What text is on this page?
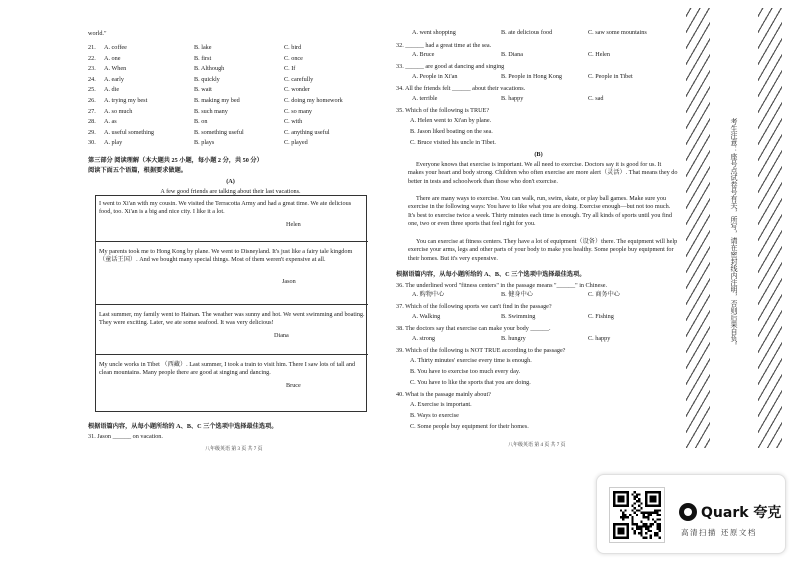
world."
21. A. coffee	B. lake	C. bird
22. A. one	B. first	C. once
23. A. When	B. Although	C. If
24. A. early	B. quickly	C. carefully
25. A. die	B. wait	C. wonder
26. A. trying my best	B. making my bed	C. doing my homework
27. A. so much	B. such many	C. so many
28. A. as	B. on	C. with
29. A. useful something	B. something useful	C. anything useful
30. A. play	B. plays	C. played
第三部分 阅读理解（本大题共 25 小题，每小题 2 分，共 50 分）
阅读下面五个语篇，根据要求做题。
(A)
A few good friends are talking about their last vacations.
I went to Xi'an with my cousin. We visited the Terracotta Army and had a great time. We ate delicious food, too. Xi'an is a big and nice city. I like it a lot.
Helen
My parents took me to Hong Kong by plane. We went to Disneyland. It's just like a fairy tale kingdom （童话王国）. And we bought many special things. Most of them weren't expensive at all.
Jason
Last summer, my family went to Hainan. The weather was sunny and hot. We went swimming and boating. They were exciting. Later, we ate some seafood. It was very delicious!
Diana
My uncle works in Tibet （西藏）. Last summer, I took a train to visit him. There I saw lots of tall and clean mountains. Many people there are good at singing and dancing.
Bruce
根据语篇内容，从每小题所给的 A、B、C 三个选项中选择最佳选项。
31. Jason ______ on vacation.
八年级英语 第 3 页 共 7 页
A. went shopping	B. ate delicious food	C. saw some mountains
32. ______ had a great time at the sea.
A. Bruce	B. Diana	C. Helen
33. ______ are good at dancing and singing
A. People in Xi'an	B. People in Hong Kong	C. People in Tibet
34. All the friends felt ______ about their vacations.
A. terrible	B. happy	C. sad
35. Which of the following is TRUE?
A. Helen went to Xi'an by plane.
B. Jason liked boating on the sea.
C. Bruce visited his uncle in Tibet.
(B)
Everyone knows that exercise is important. We all need to exercise. Doctors say it is good for us. It makes your heart and body strong. Children who often exercise are more alert（灵活）. That means they do better in tests and schoolwork than those who don't exercise.
There are many ways to exercise. You can walk, run, swim, skate, or play ball games. Make sure you exercise in the following ways: You have to like what you are doing. Exercise enough—but not too much. It's best to exercise twice a week. Thirty minutes each time is enough. Try all kinds of sports until you find one, two or even three sports that feel right for you.
You can exercise at fitness centers. They have a lot of equipment（设备）there. The equipment will help exercise your arms, legs and other parts of your body to make you healthy. Some people buy equipment for their homes. But it's very expensive.
根据语篇内容，从每小题所给的 A、B、C 三个选项中选择最佳选项。
36. The underlined word "fitness centers" in the passage means "______" in Chinese.
A. 购物中心	B. 健身中心	C. 商务中心
37. Which of the following sports we can't find in the passage?
A. Walking	B. Swimming	C. Fishing
38. The doctors say that exercise can make your body ______.
A. strong	B. hungry	C. happy
39. Which of the following is NOT TRUE according to the passage?
A. Thirty minutes' exercise every time is enough.
B. You have to exercise too much every day.
C. You have to like the sports that you are doing.
40. What is the passage mainly about?
A. Exercise is important.
B. Ways to exercise
C. Some people buy equipment for their homes.
八年级英语 第 4 页 共 7 页
考生注意：座号点试卷号有关，所写，请在密封线内注明，否则后果自负。
Quark 夸克
高清扫描 还原文档
